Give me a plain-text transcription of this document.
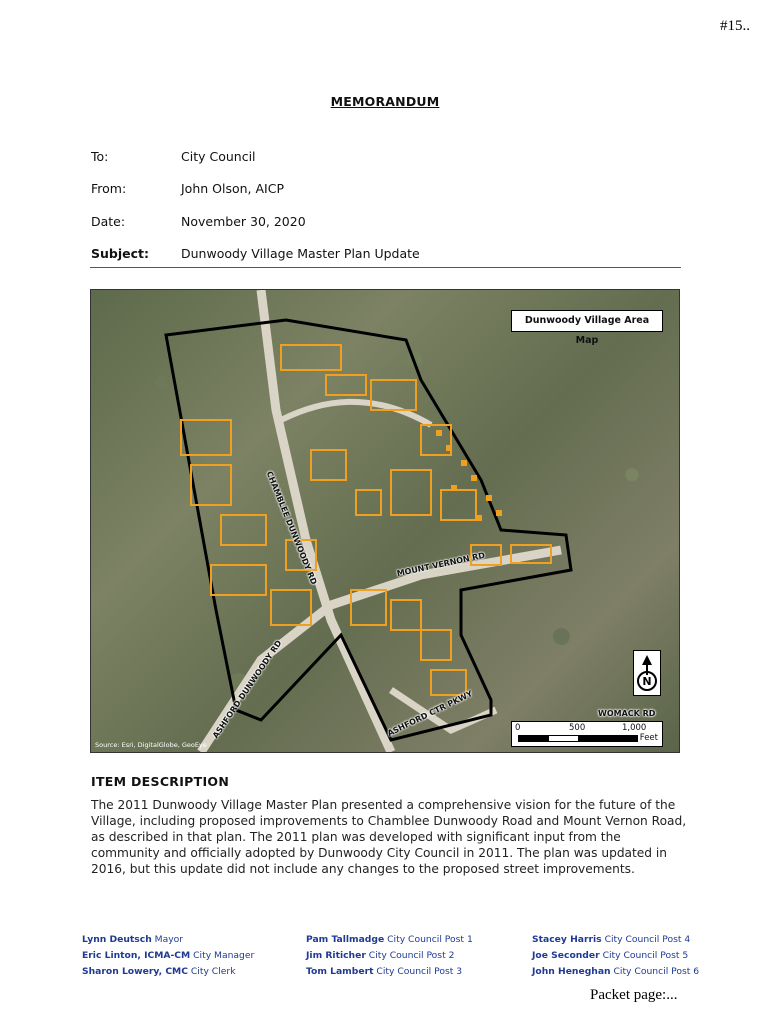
#15..
MEMORANDUM
To:	City Council
From:	John Olson, AICP
Date:	November 30, 2020
Subject:	Dunwoody Village Master Plan Update
Dunwoody Village Area Map
CHAMBLEE DUNWOODY RD	MOUNT VERNON RD
ASHFORD DUNWOODY RD	ASHFORD CTR PKWY	WOMACK RD
N
0	500	1,000
Feet
Source: Esri, DigitalGlobe, GeoEye
ITEM DESCRIPTION
The 2011 Dunwoody Village Master Plan presented a comprehensive vision for the future of the Village, including proposed improvements to Chamblee Dunwoody Road and Mount Vernon Road, as described in that plan. The 2011 plan was developed with significant input from the community and officially adopted by Dunwoody City Council in 2011. The plan was updated in 2016, but this update did not include any changes to the proposed street improvements.
Lynn Deutsch Mayor
Eric Linton, ICMA-CM City Manager
Sharon Lowery, CMC City Clerk
Pam Tallmadge City Council Post 1
Jim Riticher City Council Post 2
Tom Lambert City Council Post 3
Stacey Harris City Council Post 4
Joe Seconder City Council Post 5
John Heneghan City Council Post 6
Packet page:...
